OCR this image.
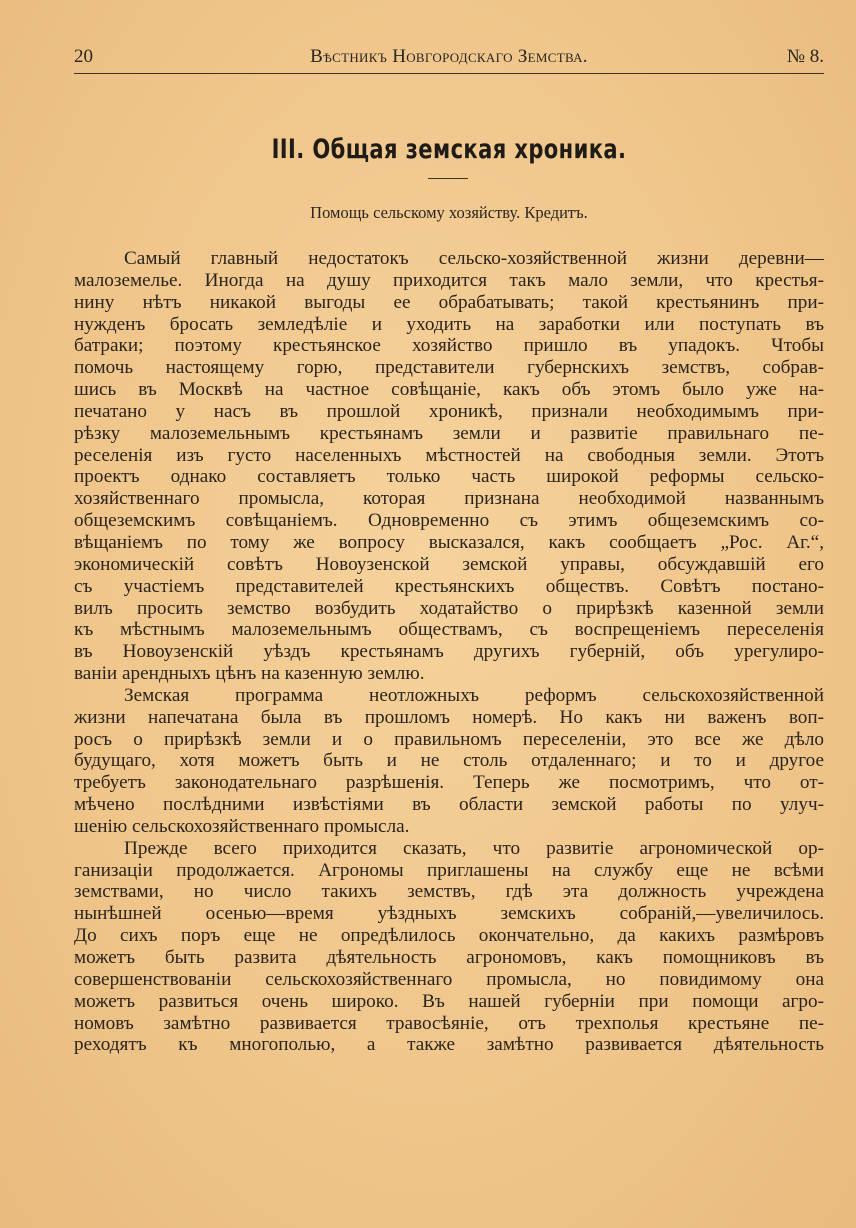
20	Вѣстникъ Новгородскаго Земства.	№ 8.
III. Общая земская хроника.
Помощь сельскому хозяйству. Кредитъ.
Самый главный недостатокъ сельско-хозяйственной жизни деревни—
малоземелье. Иногда на душу приходится такъ мало земли, что крестья-
нину нѣтъ никакой выгоды ее обрабатывать; такой крестьянинъ при-
нужденъ бросать земледѣліе и уходить на заработки или поступать въ
батраки; поэтому крестьянское хозяйство пришло въ упадокъ. Чтобы
помочь настоящему горю, представители губернскихъ земствъ, собрав-
шись въ Москвѣ на частное совѣщаніе, какъ объ этомъ было уже на-
печатано у насъ въ прошлой хроникѣ, признали необходимымъ при-
рѣзку малоземельнымъ крестьянамъ земли и развитіе правильнаго пе-
реселенія изъ густо населенныхъ мѣстностей на свободныя земли. Этотъ
проектъ однако составляетъ только часть широкой реформы сельско-
хозяйственнаго промысла, которая признана необходимой названнымъ
общеземскимъ совѣщаніемъ. Одновременно съ этимъ общеземскимъ со-
вѣщаніемъ по тому же вопросу высказался, какъ сообщаетъ „Рос. Аг.“,
экономическій совѣтъ Новоузенской земской управы, обсуждавшій его
съ участіемъ представителей крестьянскихъ обществъ. Совѣтъ постано-
вилъ просить земство возбудить ходатайство о прирѣзкѣ казенной земли
къ мѣстнымъ малоземельнымъ обществамъ, съ воспрещеніемъ переселенія
въ Новоузенскій уѣздъ крестьянамъ другихъ губерній, объ урегулиро-
ваніи арендныхъ цѣнъ на казенную землю.
Земская программа неотложныхъ реформъ сельскохозяйственной
жизни напечатана была въ прошломъ номерѣ. Но какъ ни важенъ воп-
росъ о прирѣзкѣ земли и о правильномъ переселеніи, это все же дѣло
будущаго, хотя можетъ быть и не столь отдаленнаго; и то и другое
требуетъ законодательнаго разрѣшенія. Теперь же посмотримъ, что от-
мѣчено послѣдними извѣстіями въ области земской работы по улуч-
шенію сельскохозяйственнаго промысла.
Прежде всего приходится сказать, что развитіе агрономической ор-
ганизаціи продолжается. Агрономы приглашены на службу еще не всѣми
земствами, но число такихъ земствъ, гдѣ эта должность учреждена
нынѣшней осенью—время уѣздныхъ земскихъ собраній,—увеличилось.
До сихъ поръ еще не опредѣлилось окончательно, да какихъ размѣровъ
можетъ быть развита дѣятельность агрономовъ, какъ помощниковъ въ
совершенствованіи сельскохозяйственнаго промысла, но повидимому она
можетъ развиться очень широко. Въ нашей губерніи при помощи агро-
номовъ замѣтно развивается травосѣяніе, отъ трехполья крестьяне пе-
реходятъ къ многополью, а также замѣтно развивается дѣятельность
